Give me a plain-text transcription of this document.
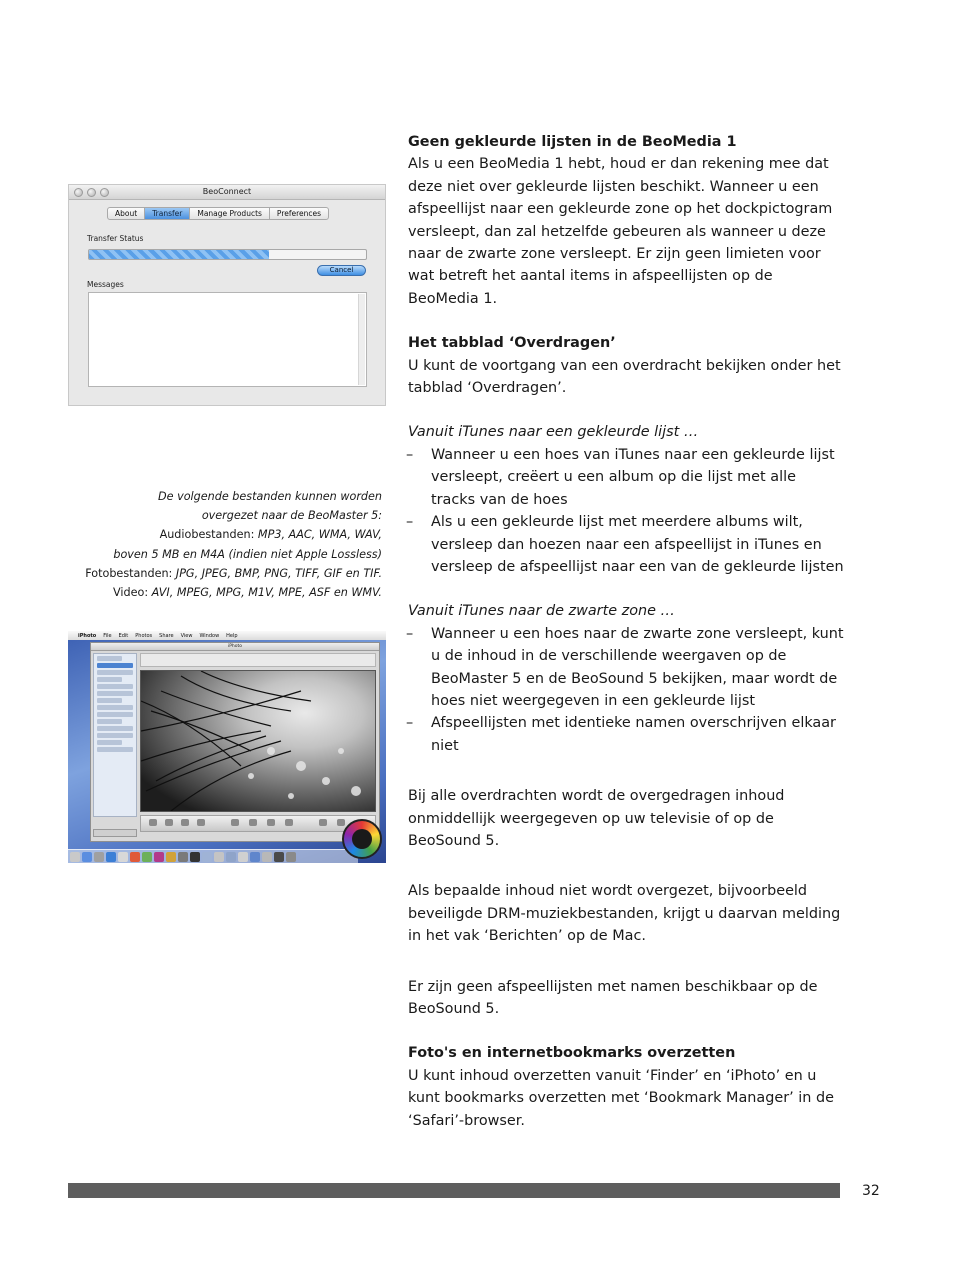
BeoConnect
About	Transfer	Manage Products	Preferences
Transfer Status
Cancel
Messages
De volgende bestanden kunnen worden
overgezet naar de BeoMaster 5:
Audiobestanden: MP3, AAC, WMA, WAV,
boven 5 MB en M4A (indien niet Apple Lossless)
Fotobestanden: JPG, JPEG, BMP, PNG, TIFF, GIF en TIF.
Video: AVI, MPEG, MPG, M1V, MPE, ASF en WMV.
iPhoto File Edit Photos Share View Window Help
iPhoto

Geen gekleurde lijsten in de BeoMedia 1

Als u een BeoMedia 1 hebt, houd er dan rekening mee dat deze niet over gekleurde lijsten beschikt. Wanneer u een afspeellijst naar een gekleurde zone op het dockpictogram versleept, dan zal hetzelfde gebeuren als wanneer u deze naar de zwarte zone versleept. Er zijn geen limieten voor wat betreft het aantal items in afspeellijsten op de BeoMedia 1.

Het tabblad ‘Overdragen’

U kunt de voortgang van een overdracht bekijken onder het tabblad ‘Overdragen’.

Vanuit iTunes naar een gekleurde lijst …

– Wanneer u een hoes van iTunes naar een gekleurde lijst versleept, creëert u een album op die lijst met alle tracks van de hoes

– Als u een gekleurde lijst met meerdere albums wilt, versleep dan hoezen naar een afspeellijst in iTunes en versleep de afspeellijst naar een van de gekleurde lijsten

Vanuit iTunes naar de zwarte zone …

– Wanneer u een hoes naar de zwarte zone versleept, kunt u de inhoud in de verschillende weergaven op de BeoMaster 5 en de BeoSound 5 bekijken, maar wordt de hoes niet weergegeven in een gekleurde lijst

– Afspeellijsten met identieke namen overschrijven elkaar niet

Bij alle overdrachten wordt de overgedragen inhoud onmiddellijk weergegeven op uw televisie of op de BeoSound 5.

Als bepaalde inhoud niet wordt overgezet, bijvoorbeeld beveiligde DRM-muziekbestanden, krijgt u daarvan melding in het vak ‘Berichten’ op de Mac.

Er zijn geen afspeellijsten met namen beschikbaar op de BeoSound 5.

Foto's en internetbookmarks overzetten

U kunt inhoud overzetten vanuit ‘Finder’ en ‘iPhoto’ en u kunt bookmarks overzetten met ‘Bookmark Manager’ in de ‘Safari’-browser.

32
